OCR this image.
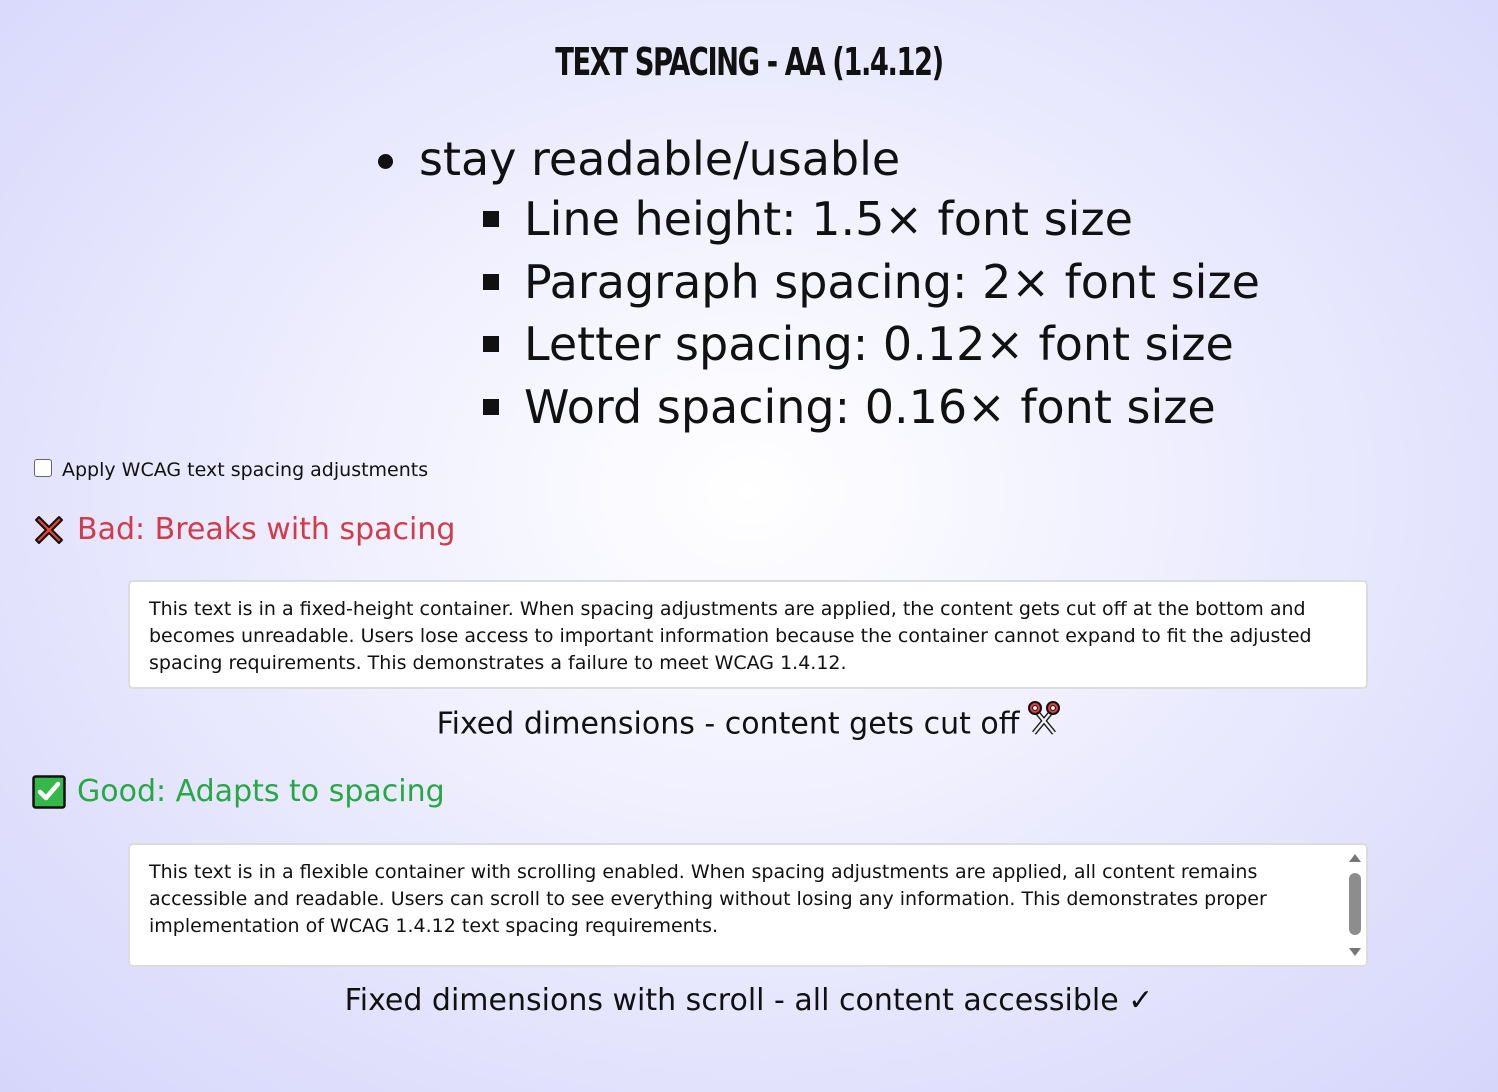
TEXT SPACING - AA (1.4.12)
stay readable/usable
Line height: 1.5× font size
Paragraph spacing: 2× font size
Letter spacing: 0.12× font size
Word spacing: 0.16× font size
Apply WCAG text spacing adjustments
Bad: Breaks with spacing
This text is in a fixed-height container. When spacing adjustments are applied, the content gets cut off at the bottom and becomes unreadable. Users lose access to important information because the container cannot expand to fit the adjusted spacing requirements. This demonstrates a failure to meet WCAG 1.4.12.
Fixed dimensions - content gets cut off
Good: Adapts to spacing
This text is in a flexible container with scrolling enabled. When spacing adjustments are applied, all content remains accessible and readable. Users can scroll to see everything without losing any information. This demonstrates proper implementation of WCAG 1.4.12 text spacing requirements.
Fixed dimensions with scroll - all content accessible ✓
